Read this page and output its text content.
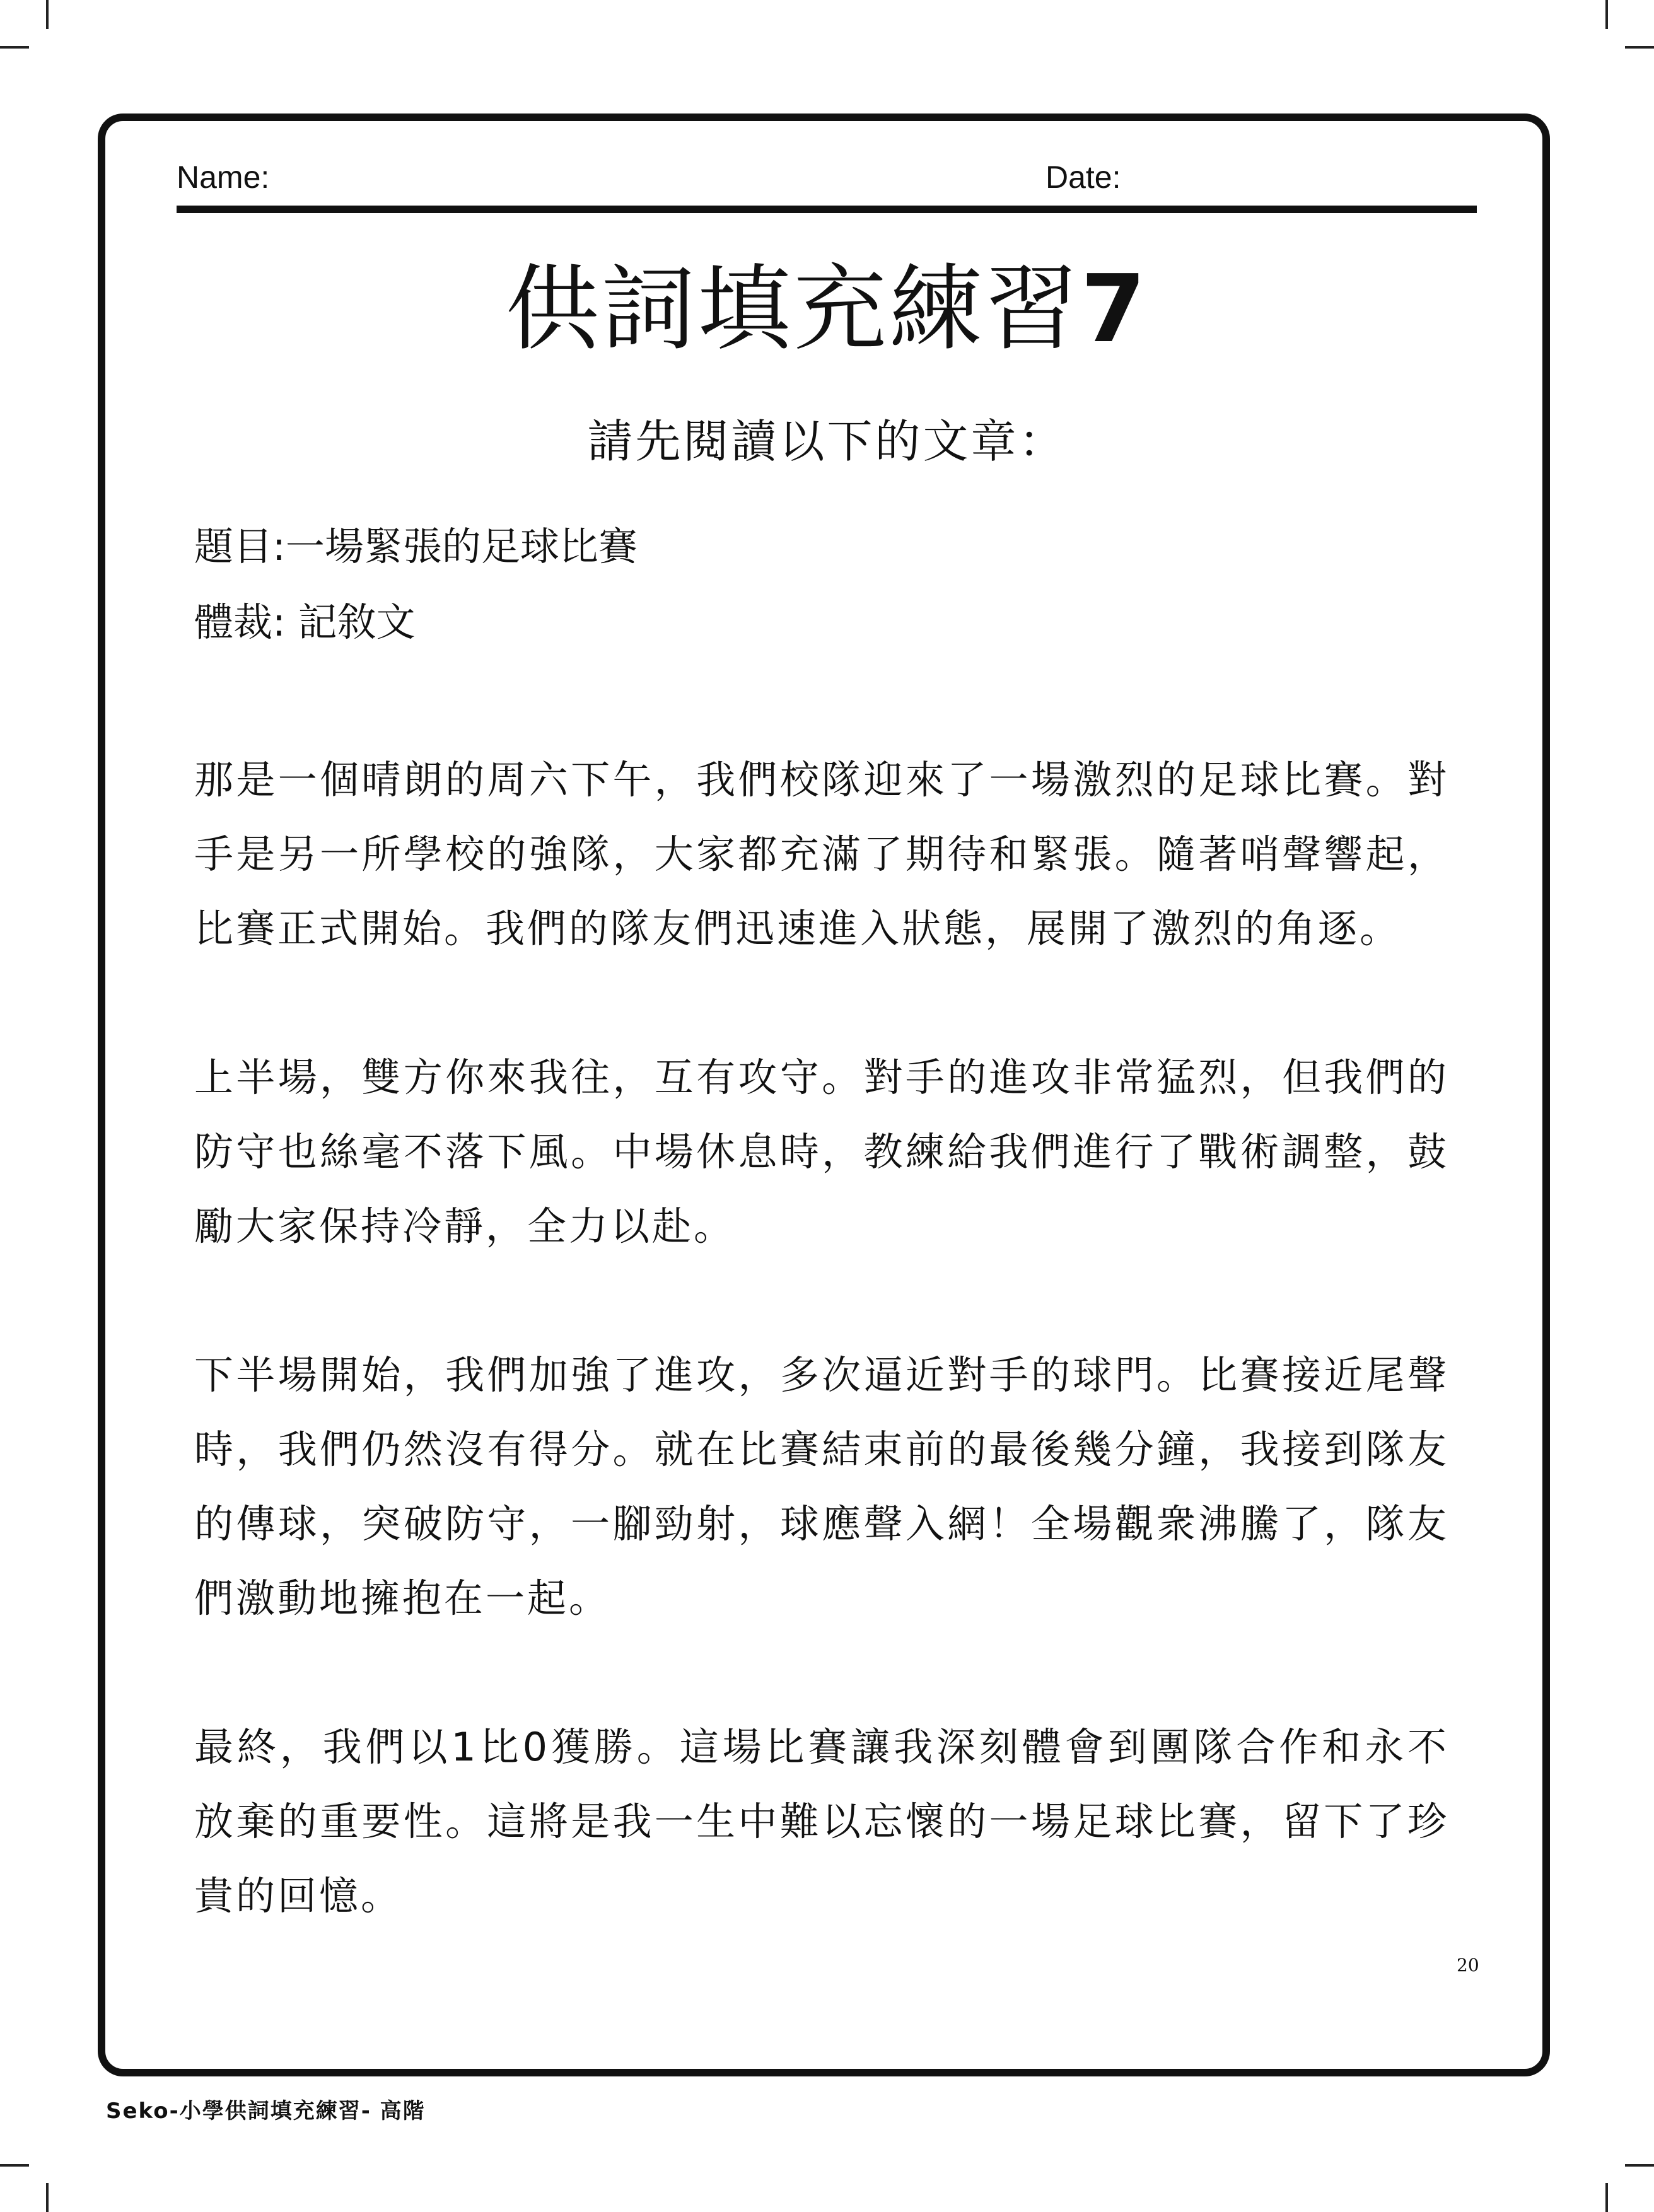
Name:	Date:
供詞填充練習7
請先閱讀以下的文章：
題目:一場緊張的足球比賽
體裁: 記敘文

那是一個晴朗的周六下午，我們校隊迎來了一場激烈的足球比賽。對手是另一所學校的強隊，大家都充滿了期待和緊張。隨著哨聲響起，比賽正式開始。我們的隊友們迅速進入狀態，展開了激烈的角逐。

上半場，雙方你來我往，互有攻守。對手的進攻非常猛烈，但我們的防守也絲毫不落下風。中場休息時，教練給我們進行了戰術調整，鼓勵大家保持冷靜，全力以赴。

下半場開始，我們加強了進攻，多次逼近對手的球門。比賽接近尾聲時，我們仍然沒有得分。就在比賽結束前的最後幾分鐘，我接到隊友的傳球，突破防守，一腳勁射，球應聲入網！全場觀衆沸騰了，隊友們激動地擁抱在一起。

最終，我們以1比0獲勝。這場比賽讓我深刻體會到團隊合作和永不放棄的重要性。這將是我一生中難以忘懷的一場足球比賽，留下了珍貴的回憶。

20
Seko-小學供詞填充練習- 高階
